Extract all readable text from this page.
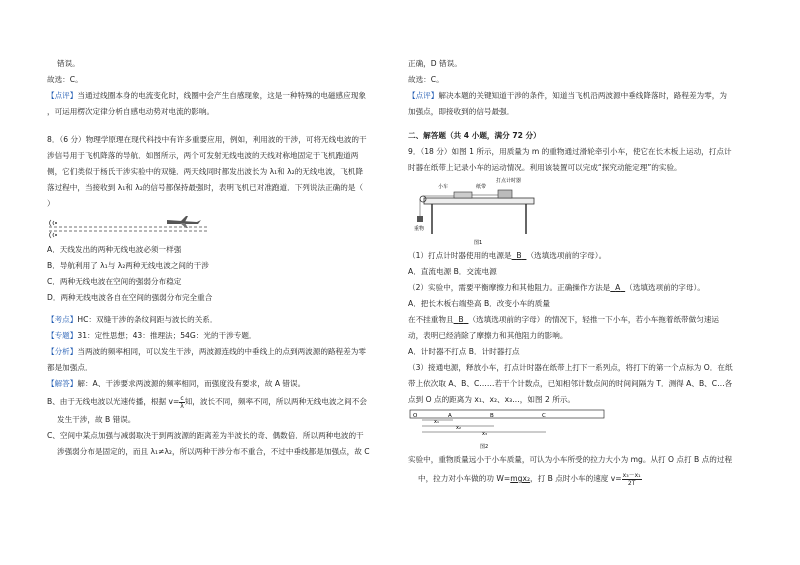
错误。
故选：C。
【点评】当通过线圈本身的电流变化时，线圈中会产生自感现象，这是一种特殊的电磁感应现象
，可运用楞次定律分析自感电动势对电流的影响。
8．（6 分）物理学原理在现代科技中有许多重要应用，例如，利用波的干涉，可将无线电波的干
涉信号用于飞机降落的导航．如图所示，两个可发射无线电波的天线对称地固定于飞机跑道两
侧，它们类似于杨氏干涉实验中的双缝．两天线同时都发出波长为 λ₁和 λ₂的无线电波，飞机降
落过程中，当接收到 λ₁和 λ₂的信号都保持最强时，表明飞机已对准跑道．下列说法正确的是（
）
A．天线发出的两种无线电波必须一样强
B．导航利用了 λ₁与 λ₂两种无线电波之间的干涉
C．两种无线电波在空间的强弱分布稳定
D．两种无线电波各自在空间的强弱分布完全重合
【考点】HC：双缝干涉的条纹间距与波长的关系．
【专题】31：定性思想；43：推理法；54G：光的干涉专题．
【分析】当两波的频率相同，可以发生干涉，两波源连线的中垂线上的点到两波源的路程差为零
都是加强点．
【解答】解：A、干涉要求两波源的频率相同，而强度没有要求，故 A 错误。
B、由于无线电波以光速传播，根据 $v= \frac{c}{\lambda}$ 知，波长不同，频率不同，所以两种无线电波之间不会
发生干涉，故 B 错误。
C、空间中某点加强与减弱取决于到两波源的距离差为半波长的奇、偶数倍．所以两种电波的干
涉强弱分布是固定的，而且 λ₁≠λ₂，所以两种干涉分布不重合，不过中垂线都是加强点，故 C
正确，D 错误。
故选：C。
【点评】解决本题的关键知道干涉的条件，知道当飞机沿两波源中垂线降落时，路程差为零，为
加强点，即接收到的信号最强．
二、解答题（共 4 小题，满分 72 分）
9．（18 分）如图 1 所示，用质量为 m 的重物通过滑轮牵引小车，使它在长木板上运动，打点计
时器在纸带上记录小车的运动情况。利用该装置可以完成“探究动能定理”的实验。
小车
打点计时器
纸带
重物
图1
（1）打点计时器使用的电源是 B （选填选项前的字母）。
A．直流电源 B．交流电源
（2）实验中，需要平衡摩擦力和其他阻力。正确操作方法是 A （选填选项前的字母）。
A．把长木板右端垫高 B．改变小车的质量
在不挂重物且 B （选填选项前的字母）的情况下，轻推一下小车，若小车拖着纸带做匀速运
动，表明已经消除了摩擦力和其他阻力的影响。
A．计时器不打点 B．计时器打点
（3）接通电源，释放小车，打点计时器在纸带上打下一系列点，将打下的第一个点标为 O．在纸
带上依次取 A、B、C……若干个计数点，已知相邻计数点间的时间间隔为 T．测得 A、B、C…各
点到 O 点的距离为 x₁、x₂、x₃…，如图 2 所示。
O	A	B	C
x₁
x₂
x₃
图2
实验中，重物质量远小于小车质量，可认为小车所受的拉力大小为 mg。从打 O 点打 B 点的过程
中，拉力对小车做的功 W=mgx₂，打 B 点时小车的速度 $v= \frac{\text{x₃－x₁}}{2T}$
